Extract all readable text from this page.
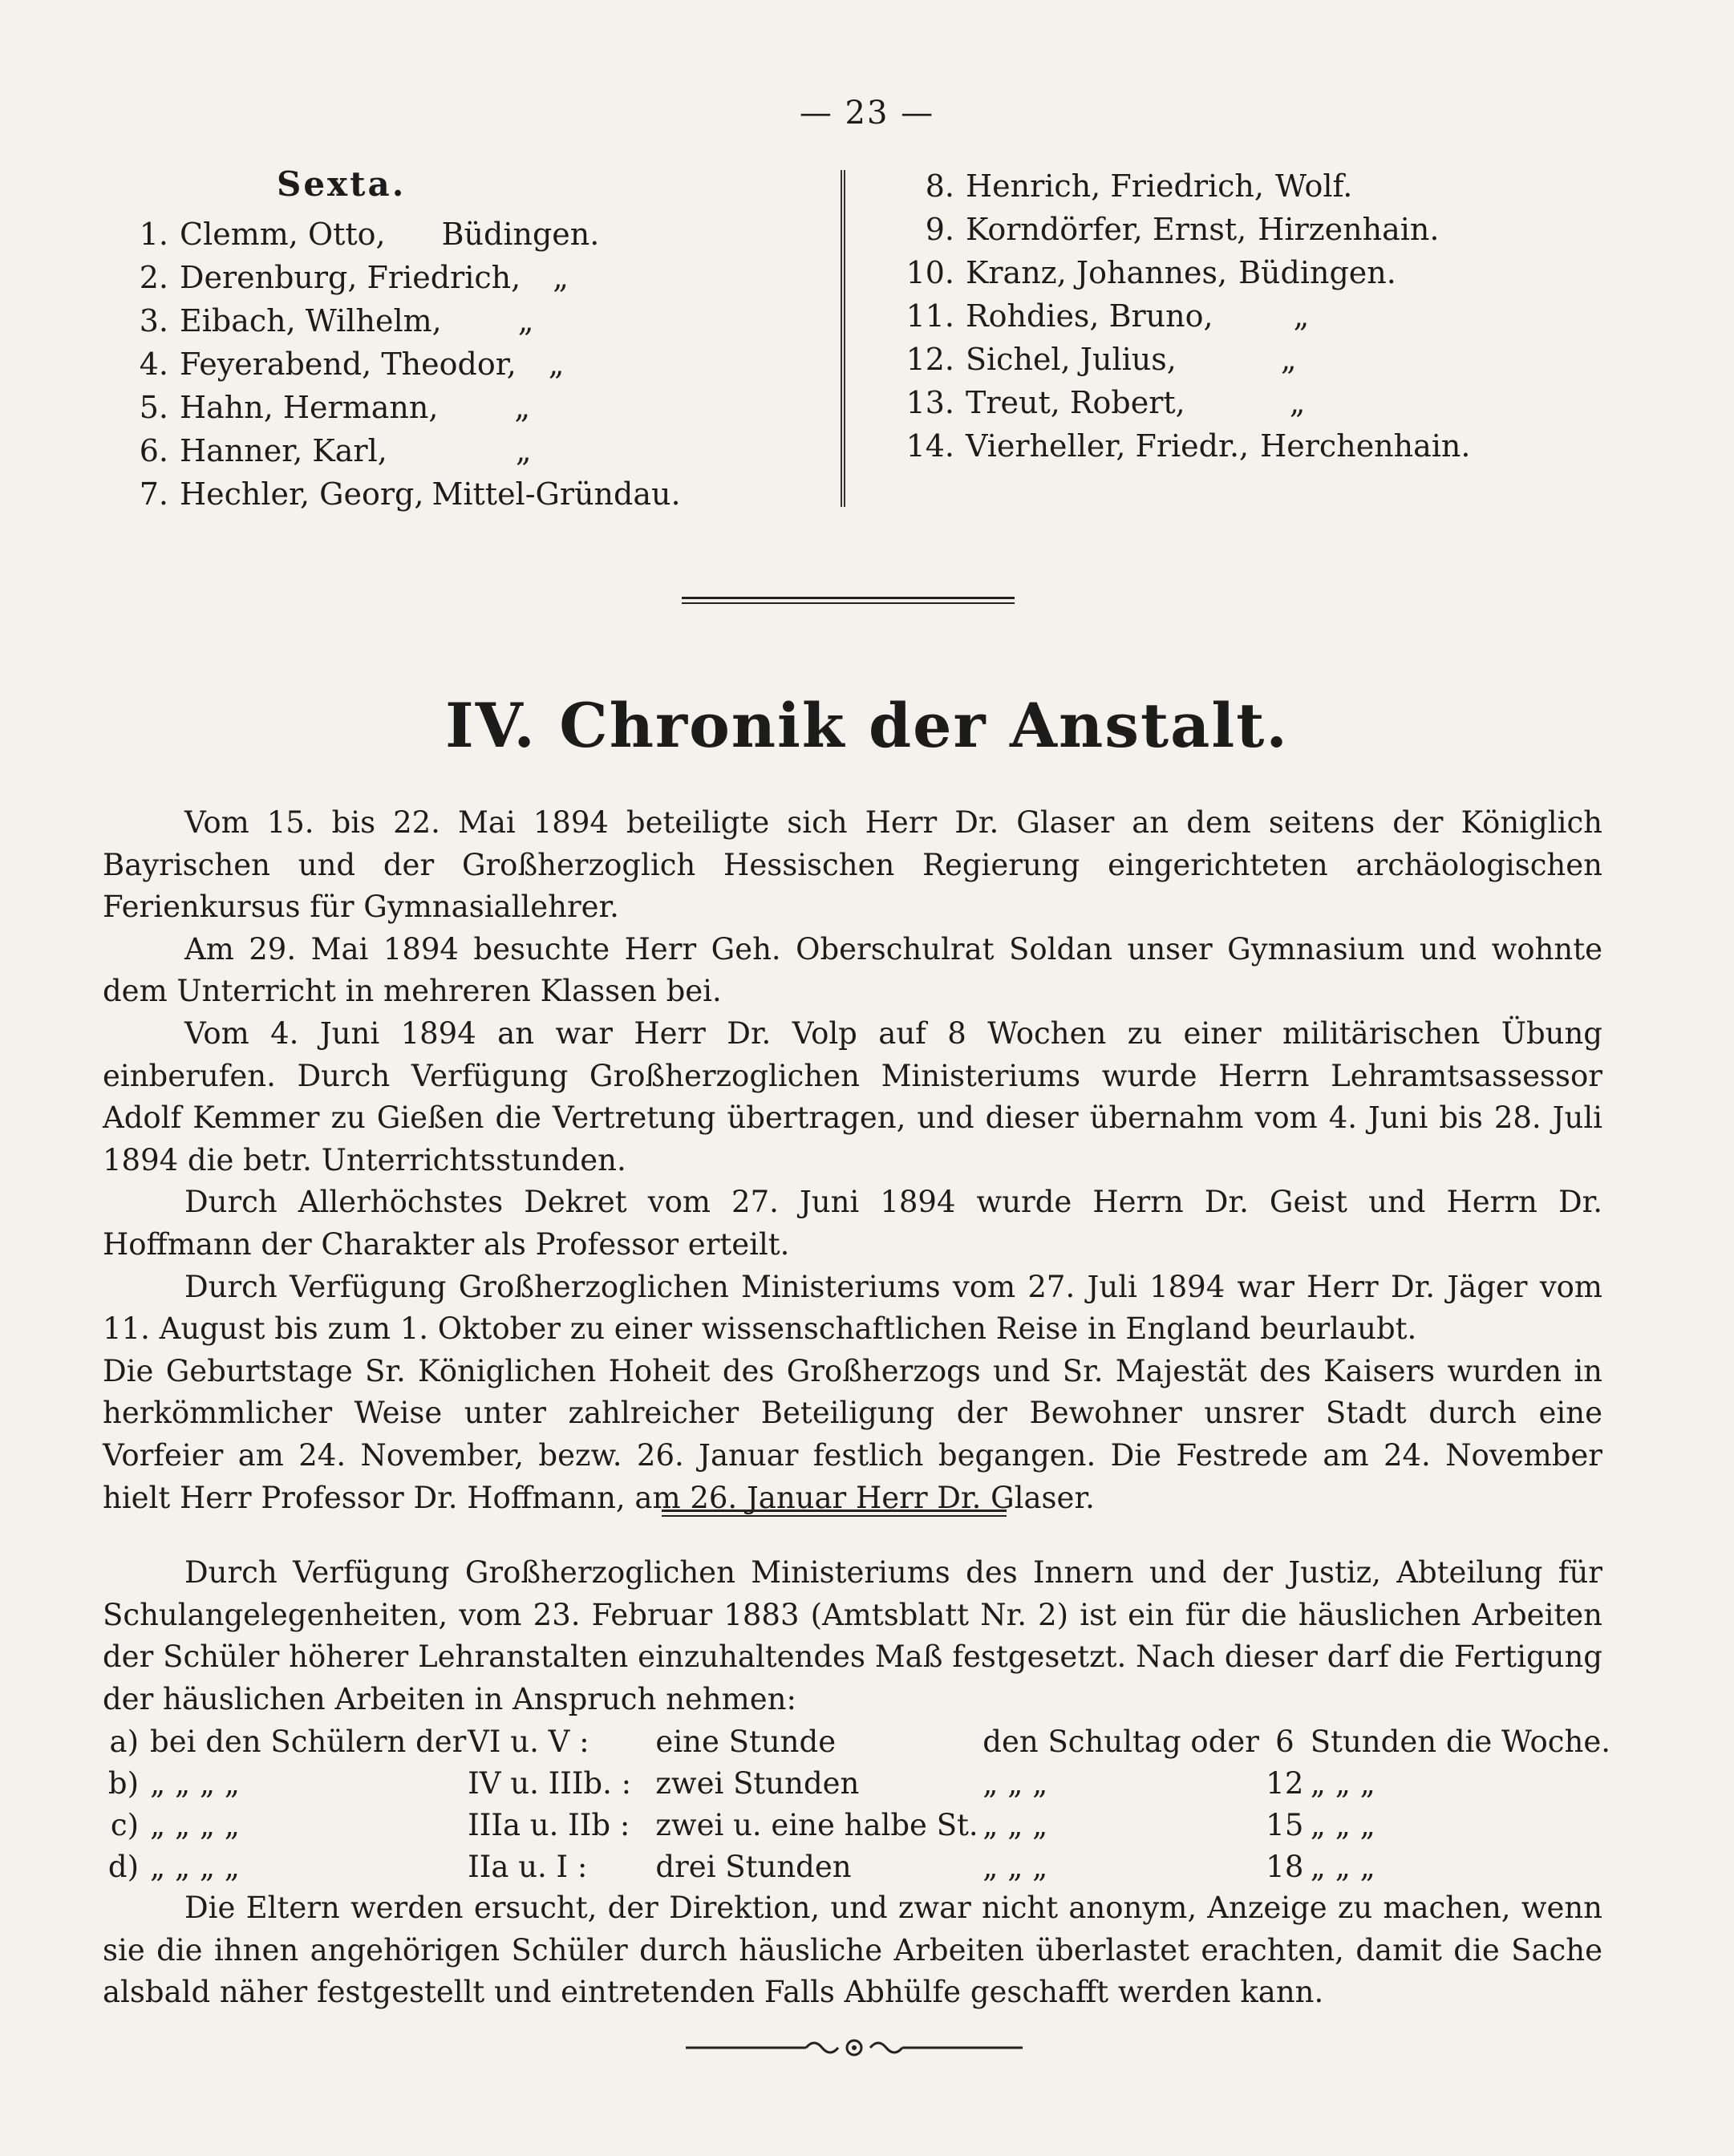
— 23 —
Sexta.
1. Clemm, Otto, Büdingen.
2. Derenburg, Friedrich, „
3. Eibach, Wilhelm,	„
4. Feyerabend, Theodor, „
5. Hahn, Hermann,	„
6. Hanner, Karl,	„
7. Hechler, Georg, Mittel-Gründau.
8. Henrich, Friedrich, Wolf.
9. Korndörfer, Ernst, Hirzenhain.
10. Kranz, Johannes, Büdingen.
11. Rohdies, Bruno,	„
12. Sichel, Julius,	„
13. Treut, Robert,	„
14. Vierheller, Friedr., Herchenhain.
IV. Chronik der Anstalt.

Vom 15. bis 22. Mai 1894 beteiligte sich Herr Dr. Glaser an dem seitens der Königlich Bayrischen und der Großherzoglich Hessischen Regierung eingerichteten archäologischen Ferienkursus für Gymnasiallehrer.

Am 29. Mai 1894 besuchte Herr Geh. Oberschulrat Soldan unser Gymnasium und wohnte dem Unterricht in mehreren Klassen bei.

Vom 4. Juni 1894 an war Herr Dr. Volp auf 8 Wochen zu einer militärischen Übung einberufen. Durch Verfügung Großherzoglichen Ministeriums wurde Herrn Lehramtsassessor Adolf Kemmer zu Gießen die Vertretung übertragen, und dieser übernahm vom 4. Juni bis 28. Juli 1894 die betr. Unterrichtsstunden.

Durch Allerhöchstes Dekret vom 27. Juni 1894 wurde Herrn Dr. Geist und Herrn Dr. Hoffmann der Charakter als Professor erteilt.

Durch Verfügung Großherzoglichen Ministeriums vom 27. Juli 1894 war Herr Dr. Jäger vom 11. August bis zum 1. Oktober zu einer wissenschaftlichen Reise in England beurlaubt.

Die Geburtstage Sr. Königlichen Hoheit des Großherzogs und Sr. Majestät des Kaisers wurden in herkömmlicher Weise unter zahlreicher Beteiligung der Bewohner unsrer Stadt durch eine Vorfeier am 24. November, bezw. 26. Januar festlich begangen. Die Festrede am 24. November hielt Herr Professor Dr. Hoffmann, am 26. Januar Herr Dr. Glaser.

Durch Verfügung Großherzoglichen Ministeriums des Innern und der Justiz, Abteilung für Schulangelegenheiten, vom 23. Februar 1883 (Amtsblatt Nr. 2) ist ein für die häuslichen Arbeiten der Schüler höherer Lehranstalten einzuhaltendes Maß festgesetzt. Nach dieser darf die Fertigung der häuslichen Arbeiten in Anspruch nehmen:

a)	bei den Schülern der	VI u. V :	eine Stunde	den Schultag oder	6	Stunden die Woche.
b)	„ „ „ „	IV u. IIIb. :	zwei Stunden	„ „ „	12	„ „ „
c)	„ „ „ „	IIIa u. IIb :	zwei u. eine halbe St.	„ „ „	15	„ „ „
d)	„ „ „ „	IIa u. I :	drei Stunden	„ „ „	18	„ „ „

Die Eltern werden ersucht, der Direktion, und zwar nicht anonym, Anzeige zu machen, wenn sie die ihnen angehörigen Schüler durch häusliche Arbeiten überlastet erachten, damit die Sache alsbald näher festgestellt und eintretenden Falls Abhülfe geschafft werden kann.
